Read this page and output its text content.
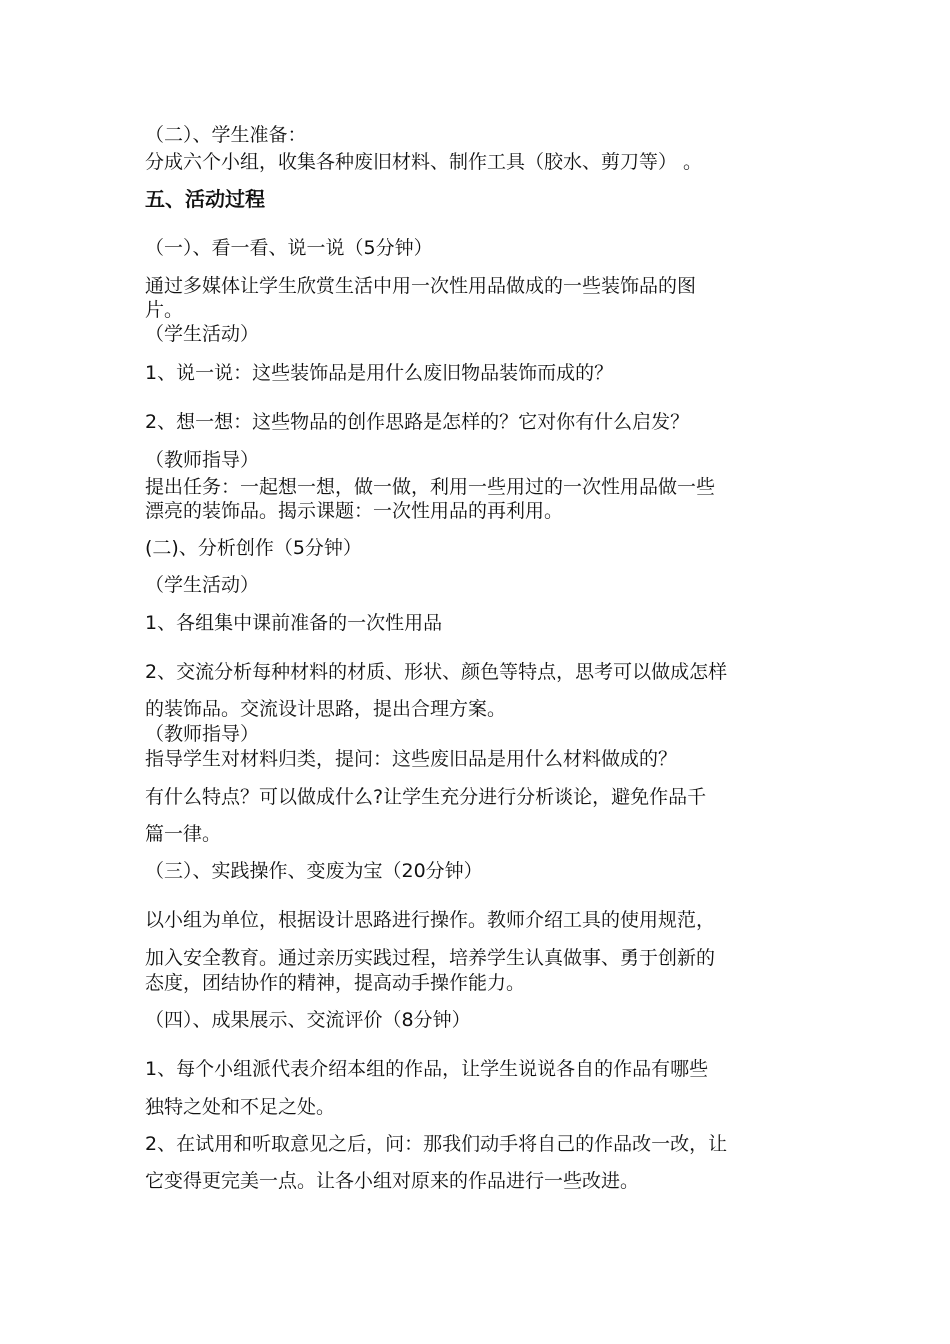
（二）、学生准备：
分成六个小组，收集各种废旧材料、制作工具（胶水、剪刀等） 。
五、活动过程
（一）、看一看、说一说（5分钟）
通过多媒体让学生欣赏生活中用一次性用品做成的一些装饰品的图
片。
（学生活动）
1、说一说：这些装饰品是用什么废旧物品装饰而成的？
2、想一想：这些物品的创作思路是怎样的？它对你有什么启发？
（教师指导）
提出任务：一起想一想，做一做，利用一些用过的一次性用品做一些
漂亮的装饰品。揭示课题：一次性用品的再利用。
(二)、分析创作（5分钟）
（学生活动）
1、各组集中课前准备的一次性用品
2、交流分析每种材料的材质、形状、颜色等特点，思考可以做成怎样
的装饰品。交流设计思路，提出合理方案。
（教师指导）
指导学生对材料归类，提问：这些废旧品是用什么材料做成的？
有什么特点？可以做成什么?让学生充分进行分析谈论，避免作品千
篇一律。
（三）、实践操作、变废为宝（20分钟）
以小组为单位，根据设计思路进行操作。教师介绍工具的使用规范，
加入安全教育。通过亲历实践过程，培养学生认真做事、勇于创新的
态度，团结协作的精神，提高动手操作能力。
（四）、成果展示、交流评价（8分钟）
1、每个小组派代表介绍本组的作品，让学生说说各自的作品有哪些
独特之处和不足之处。
2、在试用和听取意见之后，问：那我们动手将自己的作品改一改，让
它变得更完美一点。让各小组对原来的作品进行一些改进。
